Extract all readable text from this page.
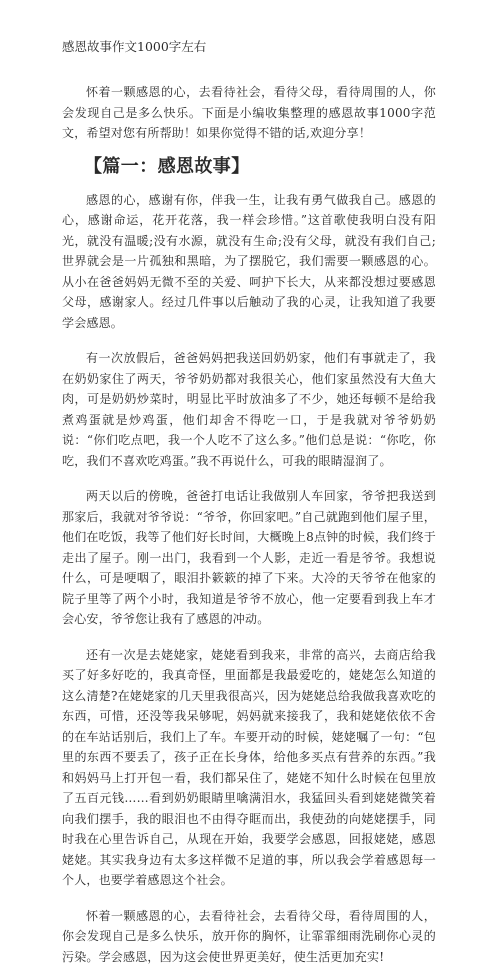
感恩故事作文1000字左右

怀着一颗感恩的心，去看待社会，看待父母，看待周围的人，你会发现自己是多么快乐。下面是小编收集整理的感恩故事1000字范文，希望对您有所帮助！如果你觉得不错的话,欢迎分享！

【篇一：感恩故事】

感恩的心，感谢有你，伴我一生，让我有勇气做我自己。感恩的心，感谢命运，花开花落，我一样会珍惜。”这首歌使我明白没有阳光，就没有温暖;没有水源，就没有生命;没有父母，就没有我们自己;世界就会是一片孤独和黑暗，为了摆脱它，我们需要一颗感恩的心。从小在爸爸妈妈无微不至的关爱、呵护下长大，从来都没想过要感恩父母，感谢家人。经过几件事以后触动了我的心灵，让我知道了我要学会感恩。

有一次放假后，爸爸妈妈把我送回奶奶家，他们有事就走了，我在奶奶家住了两天，爷爷奶奶都对我很关心，他们家虽然没有大鱼大肉，可是奶奶炒菜时，明显比平时放油多了不少，她还每顿不是给我煮鸡蛋就是炒鸡蛋，他们却舍不得吃一口，于是我就对爷爷奶奶说：“你们吃点吧，我一个人吃不了这么多。”他们总是说：“你吃，你吃，我们不喜欢吃鸡蛋。”我不再说什么，可我的眼睛湿润了。

两天以后的傍晚，爸爸打电话让我做别人车回家，爷爷把我送到那家后，我就对爷爷说：“爷爷，你回家吧。”自己就跑到他们屋子里，他们在吃饭，我等了他们好长时间，大概晚上8点钟的时候，我们终于走出了屋子。刚一出门，我看到一个人影，走近一看是爷爷。我想说什么，可是哽咽了，眼泪扑簌簌的掉了下来。大冷的天爷爷在他家的院子里等了两个小时，我知道是爷爷不放心，他一定要看到我上车才会心安，爷爷您让我有了感恩的冲动。

还有一次是去姥姥家，姥姥看到我来，非常的高兴，去商店给我买了好多好吃的，我真奇怪，里面都是我最爱吃的，姥姥怎么知道的这么清楚?在姥姥家的几天里我很高兴，因为姥姥总给我做我喜欢吃的东西，可惜，还没等我呆够呢，妈妈就来接我了，我和姥姥依依不舍的在车站话别后，我们上了车。车要开动的时候，姥姥嘱了一句：“包里的东西不要丢了，孩子正在长身体，给他多买点有营养的东西。”我和妈妈马上打开包一看，我们都呆住了，姥姥不知什么时候在包里放了五百元钱……看到奶奶眼睛里噙满泪水，我猛回头看到姥姥微笑着向我们摆手，我的眼泪也不由得夺眶而出，我使劲的向姥姥摆手，同时我在心里告诉自己，从现在开始，我要学会感恩，回报姥姥，感恩姥姥。其实我身边有太多这样微不足道的事，所以我会学着感恩每一个人，也要学着感恩这个社会。

怀着一颗感恩的心，去看待社会，去看待父母，看待周围的人，你会发现自己是多么快乐，放开你的胸怀，让霏霏细雨洗刷你心灵的污染。学会感恩，因为这会使世界更美好，使生活更加充实!
